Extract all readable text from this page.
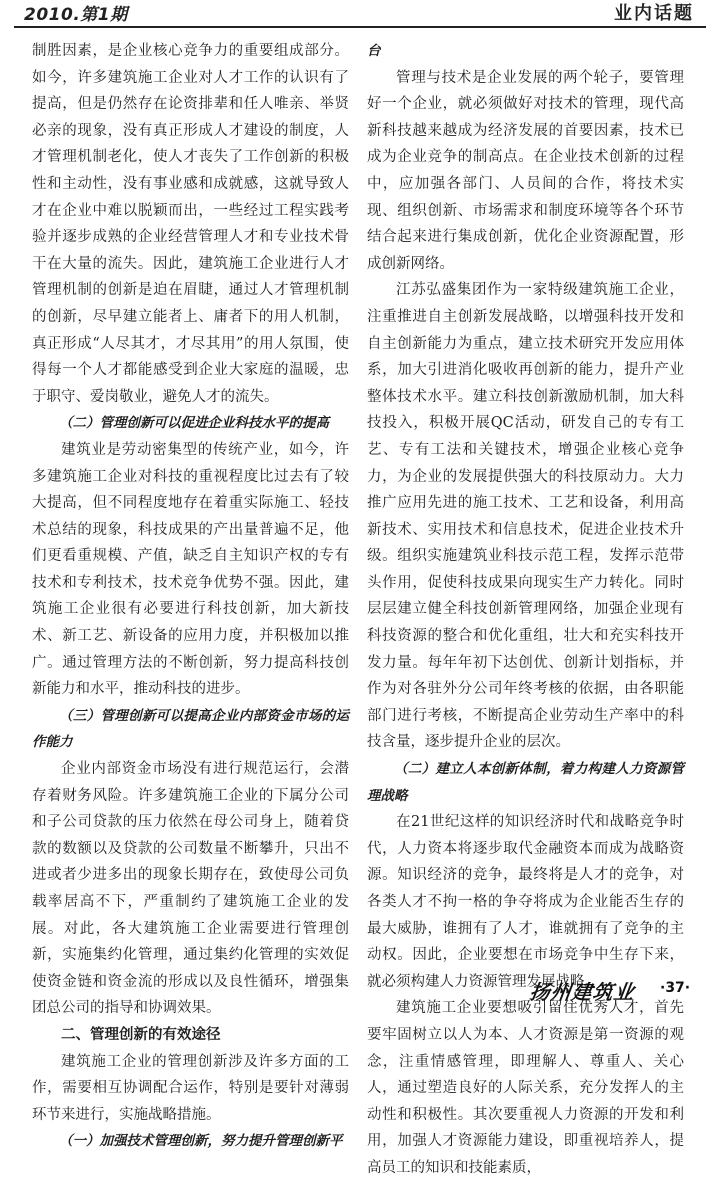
2010.第1期	业内话题

制胜因素，是企业核心竞争力的重要组成部分。如今，许多建筑施工企业对人才工作的认识有了提高，但是仍然存在论资排辈和任人唯亲、举贤必亲的现象，没有真正形成人才建设的制度，人才管理机制老化，使人才丧失了工作创新的积极性和主动性，没有事业感和成就感，这就导致人才在企业中难以脱颖而出，一些经过工程实践考验并逐步成熟的企业经营管理人才和专业技术骨干在大量的流失。因此，建筑施工企业进行人才管理机制的创新是迫在眉睫，通过人才管理机制的创新，尽早建立能者上、庸者下的用人机制，真正形成“人尽其才，才尽其用”的用人氛围，使得每一个人才都能感受到企业大家庭的温暖，忠于职守、爱岗敬业，避免人才的流失。

（二）管理创新可以促进企业科技水平的提高

建筑业是劳动密集型的传统产业，如今，许多建筑施工企业对科技的重视程度比过去有了较大提高，但不同程度地存在着重实际施工、轻技术总结的现象，科技成果的产出量普遍不足，他们更看重规模、产值，缺乏自主知识产权的专有技术和专利技术，技术竞争优势不强。因此，建筑施工企业很有必要进行科技创新，加大新技术、新工艺、新设备的应用力度，并积极加以推广。通过管理方法的不断创新，努力提高科技创新能力和水平，推动科技的进步。

（三）管理创新可以提高企业内部资金市场的运作能力

企业内部资金市场没有进行规范运行，会潜存着财务风险。许多建筑施工企业的下属分公司和子公司贷款的压力依然在母公司身上，随着贷款的数额以及贷款的公司数量不断攀升，只出不进或者少进多出的现象长期存在，致使母公司负载率居高不下，严重制约了建筑施工企业的发展。对此，各大建筑施工企业需要进行管理创新，实施集约化管理，通过集约化管理的实效促使资金链和资金流的形成以及良性循环，增强集团总公司的指导和协调效果。

二、管理创新的有效途径

建筑施工企业的管理创新涉及许多方面的工作，需要相互协调配合运作，特别是要针对薄弱环节来进行，实施战略措施。

（一）加强技术管理创新，努力提升管理创新平

台

管理与技术是企业发展的两个轮子，要管理好一个企业，就必须做好对技术的管理，现代高新科技越来越成为经济发展的首要因素，技术已成为企业竞争的制高点。在企业技术创新的过程中，应加强各部门、人员间的合作，将技术实现、组织创新、市场需求和制度环境等各个环节结合起来进行集成创新，优化企业资源配置，形成创新网络。

江苏弘盛集团作为一家特级建筑施工企业，注重推进自主创新发展战略，以增强科技开发和自主创新能力为重点，建立技术研究开发应用体系，加大引进消化吸收再创新的能力，提升产业整体技术水平。建立科技创新激励机制，加大科技投入，积极开展QC活动，研发自己的专有工艺、专有工法和关键技术，增强企业核心竞争力，为企业的发展提供强大的科技原动力。大力推广应用先进的施工技术、工艺和设备，利用高新技术、实用技术和信息技术，促进企业技术升级。组织实施建筑业科技示范工程，发挥示范带头作用，促使科技成果向现实生产力转化。同时层层建立健全科技创新管理网络，加强企业现有科技资源的整合和优化重组，壮大和充实科技开发力量。每年年初下达创优、创新计划指标，并作为对各驻外分公司年终考核的依据，由各职能部门进行考核，不断提高企业劳动生产率中的科技含量，逐步提升企业的层次。

（二）建立人本创新体制，着力构建人力资源管理战略

在21世纪这样的知识经济时代和战略竞争时代，人力资本将逐步取代金融资本而成为战略资源。知识经济的竞争，最终将是人才的竞争，对各类人才不拘一格的争夺将成为企业能否生存的最大威胁，谁拥有了人才，谁就拥有了竞争的主动权。因此，企业要想在市场竞争中生存下来，就必须构建人力资源管理发展战略。

建筑施工企业要想吸引留住优秀人才，首先要牢固树立以人为本、人才资源是第一资源的观念，注重情感管理，即理解人、尊重人、关心人，通过塑造良好的人际关系，充分发挥人的主动性和积极性。其次要重视人力资源的开发和利用，加强人才资源能力建设，即重视培养人，提高员工的知识和技能素质，

扬州建筑业 ·37·
